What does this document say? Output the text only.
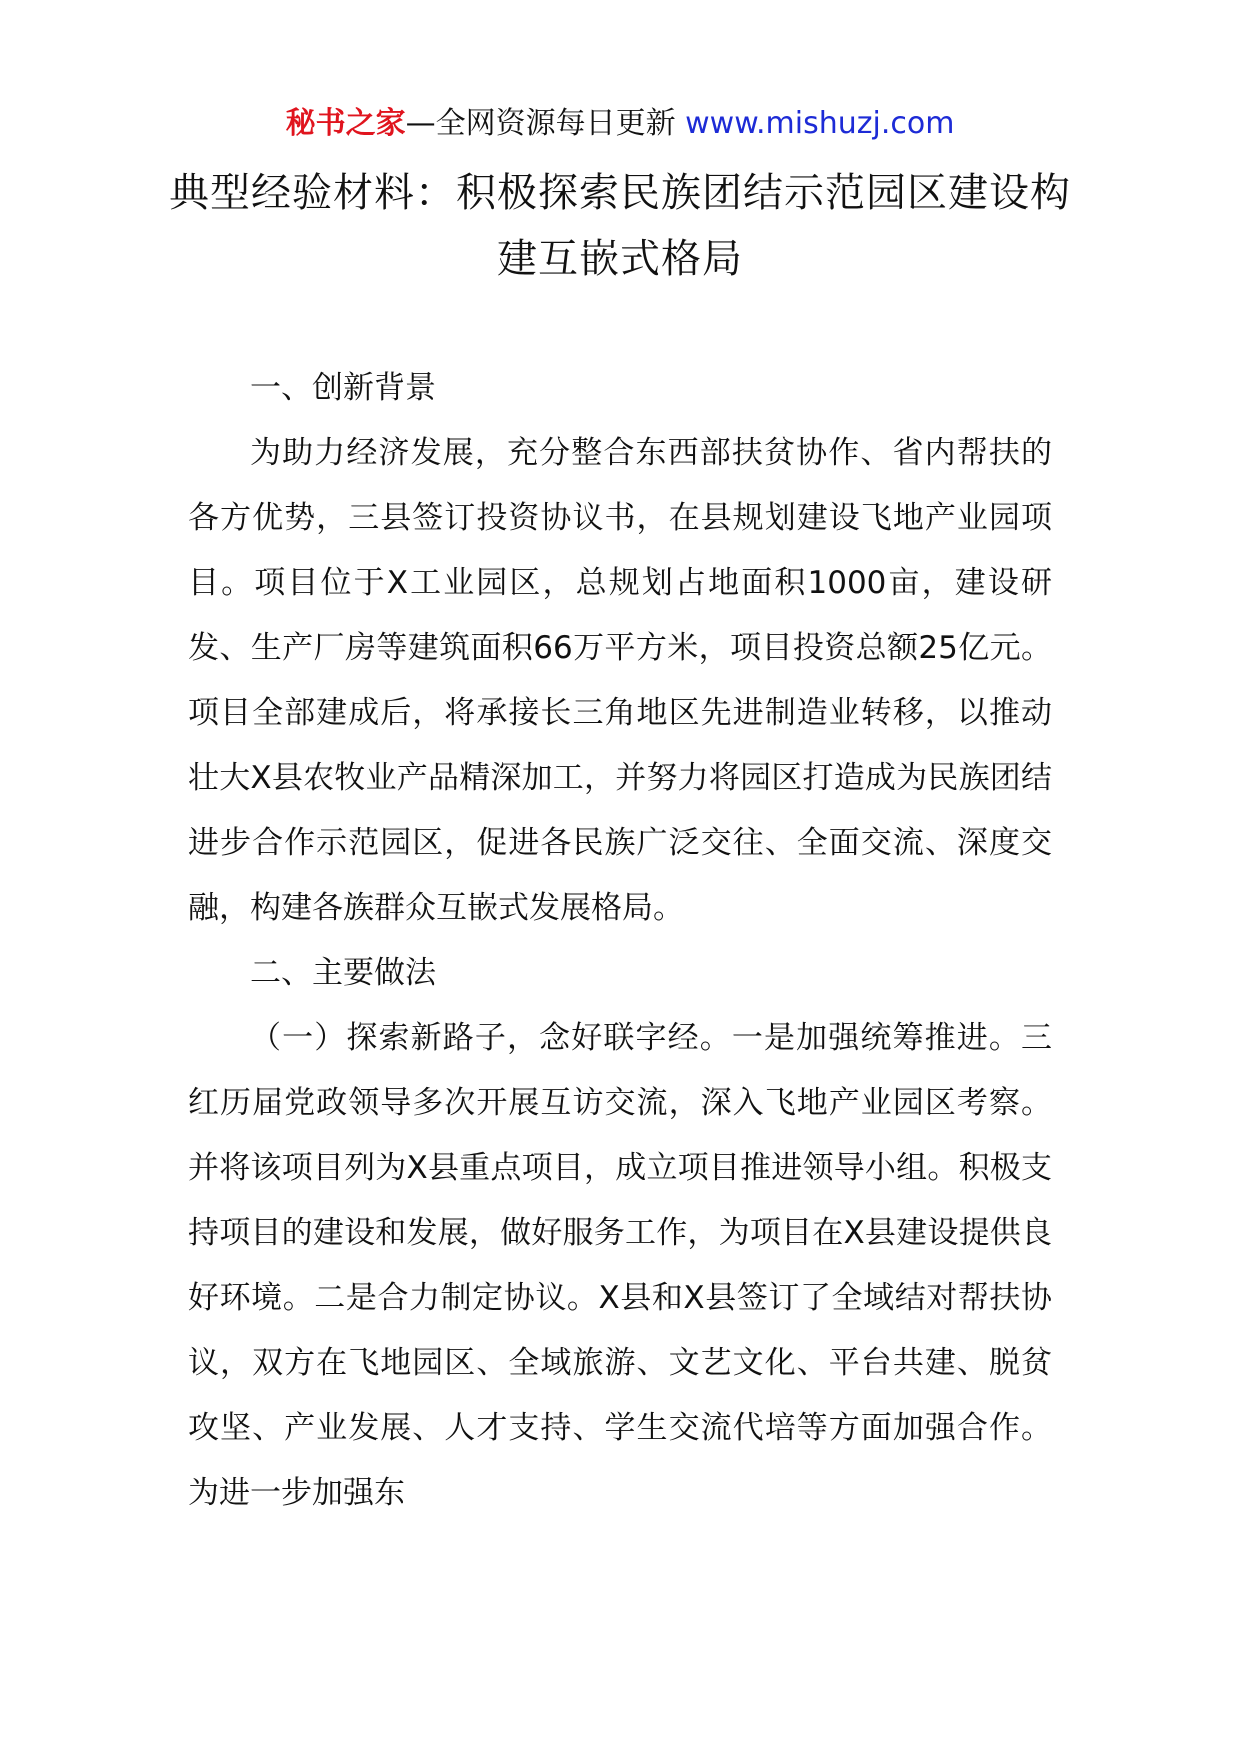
秘书之家—全网资源每日更新 www.mishuzj.com
典型经验材料：积极探索民族团结示范园区建设构建互嵌式格局

一、创新背景

为助力经济发展，充分整合东西部扶贫协作、省内帮扶的各方优势，三县签订投资协议书，在县规划建设飞地产业园项目。项目位于X工业园区，总规划占地面积1000亩，建设研发、生产厂房等建筑面积66万平方米，项目投资总额25亿元。项目全部建成后，将承接长三角地区先进制造业转移，以推动壮大X县农牧业产品精深加工，并努力将园区打造成为民族团结进步合作示范园区，促进各民族广泛交往、全面交流、深度交融，构建各族群众互嵌式发展格局。

二、主要做法

（一）探索新路子，念好联字经。一是加强统筹推进。三红历届党政领导多次开展互访交流，深入飞地产业园区考察。并将该项目列为X县重点项目，成立项目推进领导小组。积极支持项目的建设和发展，做好服务工作，为项目在X县建设提供良好环境。二是合力制定协议。X县和X县签订了全域结对帮扶协议，双方在飞地园区、全域旅游、文艺文化、平台共建、脱贫攻坚、产业发展、人才支持、学生交流代培等方面加强合作。为进一步加强东
